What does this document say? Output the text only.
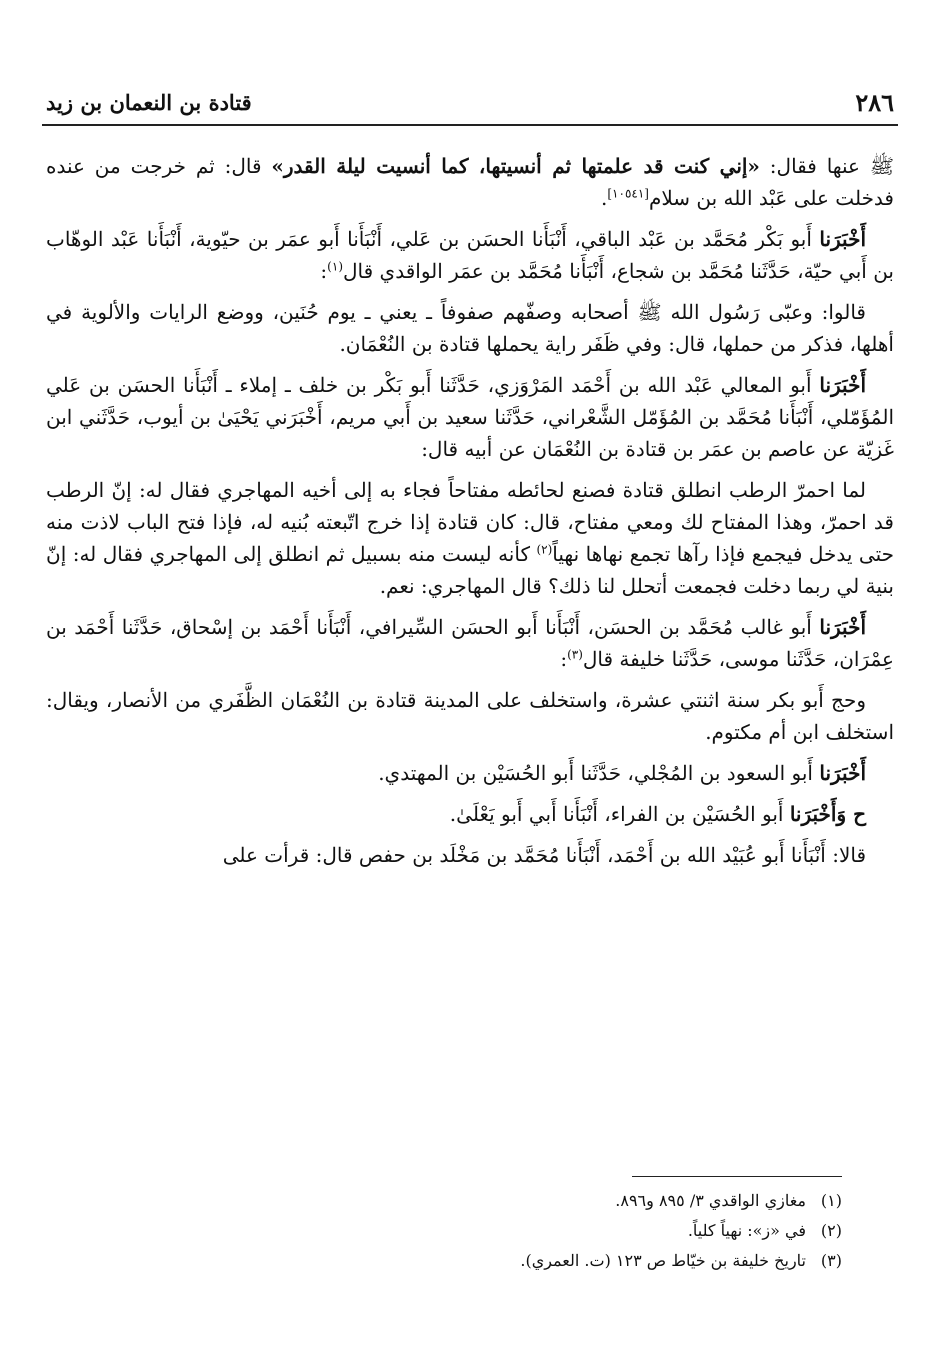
٢٨٦
قتادة بن النعمان بن زيد

ﷺ عنها فقال: «إني كنت قد علمتها ثم أنسيتها، كما أنسيت ليلة القدر» قال: ثم خرجت من عنده فدخلت على عَبْد الله بن سلام[١٠٥٤١].

أَخْبَرَنا أَبو بَكْر مُحَمَّد بن عَبْد الباقي، أَنْبَأَنا الحسَن بن عَلي، أَنْبَأَنا أَبو عمَر بن حيّوية، أَنْبَأَنا عَبْد الوهّاب بن أَبي حيّة، حَدَّثَنا مُحَمَّد بن شجاع، أَنْبَأَنا مُحَمَّد بن عمَر الواقدي قال$^{(١)}$:

قالوا: وعبّى رَسُول الله ﷺ أصحابه وصفّهم صفوفاً ـ يعني ـ يوم حُنَين، ووضع الرايات والألوية في أهلها، فذكر من حملها، قال: وفي ظَفَر راية يحملها قتادة بن النُعْمَان.

أَخْبَرَنا أَبو المعالي عَبْد الله بن أَحْمَد المَرْوَزي، حَدَّثَنا أَبو بَكْر بن خلف ـ إملاء ـ أَنْبَأَنا الحسَن بن عَلي المُؤَمّلي، أَنْبَأَنا مُحَمَّد بن المُؤَمّل الشَّعْراني، حَدَّثَنا سعيد بن أَبي مريم، أَخْبَرَني يَحْيَىٰ بن أيوب، حَدَّثَني ابن غَزيّة عن عاصم بن عمَر بن قتادة بن النُعْمَان عن أبيه قال:

لما احمرّ الرطب انطلق قتادة فصنع لحائطه مفتاحاً فجاء به إلى أخيه المهاجري فقال له: إنّ الرطب قد احمرّ، وهذا المفتاح لك ومعي مفتاح، قال: كان قتادة إذا خرج اتّبعته بُنيه له، فإذا فتح الباب لاذت منه حتى يدخل فيجمع فإذا رآها تجمع نهاها نهياً$^{(٢)}$ كأنه ليست منه بسبيل ثم انطلق إلى المهاجري فقال له: إنّ بنية لي ربما دخلت فجمعت أتحلل لنا ذلك؟ قال المهاجري: نعم.

أَخْبَرَنا أَبو غالب مُحَمَّد بن الحسَن، أَنْبَأَنا أَبو الحسَن السِّيرافي، أَنْبَأَنا أَحْمَد بن إسْحاق، حَدَّثَنا أَحْمَد بن عِمْرَان، حَدَّثَنا موسى، حَدَّثَنا خليفة قال$^{(٣)}$:

وحج أَبو بكر سنة اثنتي عشرة، واستخلف على المدينة قتادة بن النُعْمَان الظَّفَري من الأنصار، ويقال: استخلف ابن أم مكتوم.

أَخْبَرَنا أَبو السعود بن المُجْلي، حَدَّثَنا أَبو الحُسَيْن بن المهتدي.

ح وَأَخْبَرَنا أَبو الحُسَيْن بن الفراء، أَنْبَأَنا أَبي أَبو يَعْلَىٰ.

قالا: أَنْبَأَنا أَبو عُبَيْد الله بن أَحْمَد، أَنْبَأَنا مُحَمَّد بن مَخْلَد بن حفص قال: قرأت على

(١)مغازي الواقدي ٣/ ٨٩٥ و٨٩٦.

(٢)في «ز»: نهياً كلياً.

(٣)تاريخ خليفة بن خيّاط ص ١٢٣ (ت. العمري).
